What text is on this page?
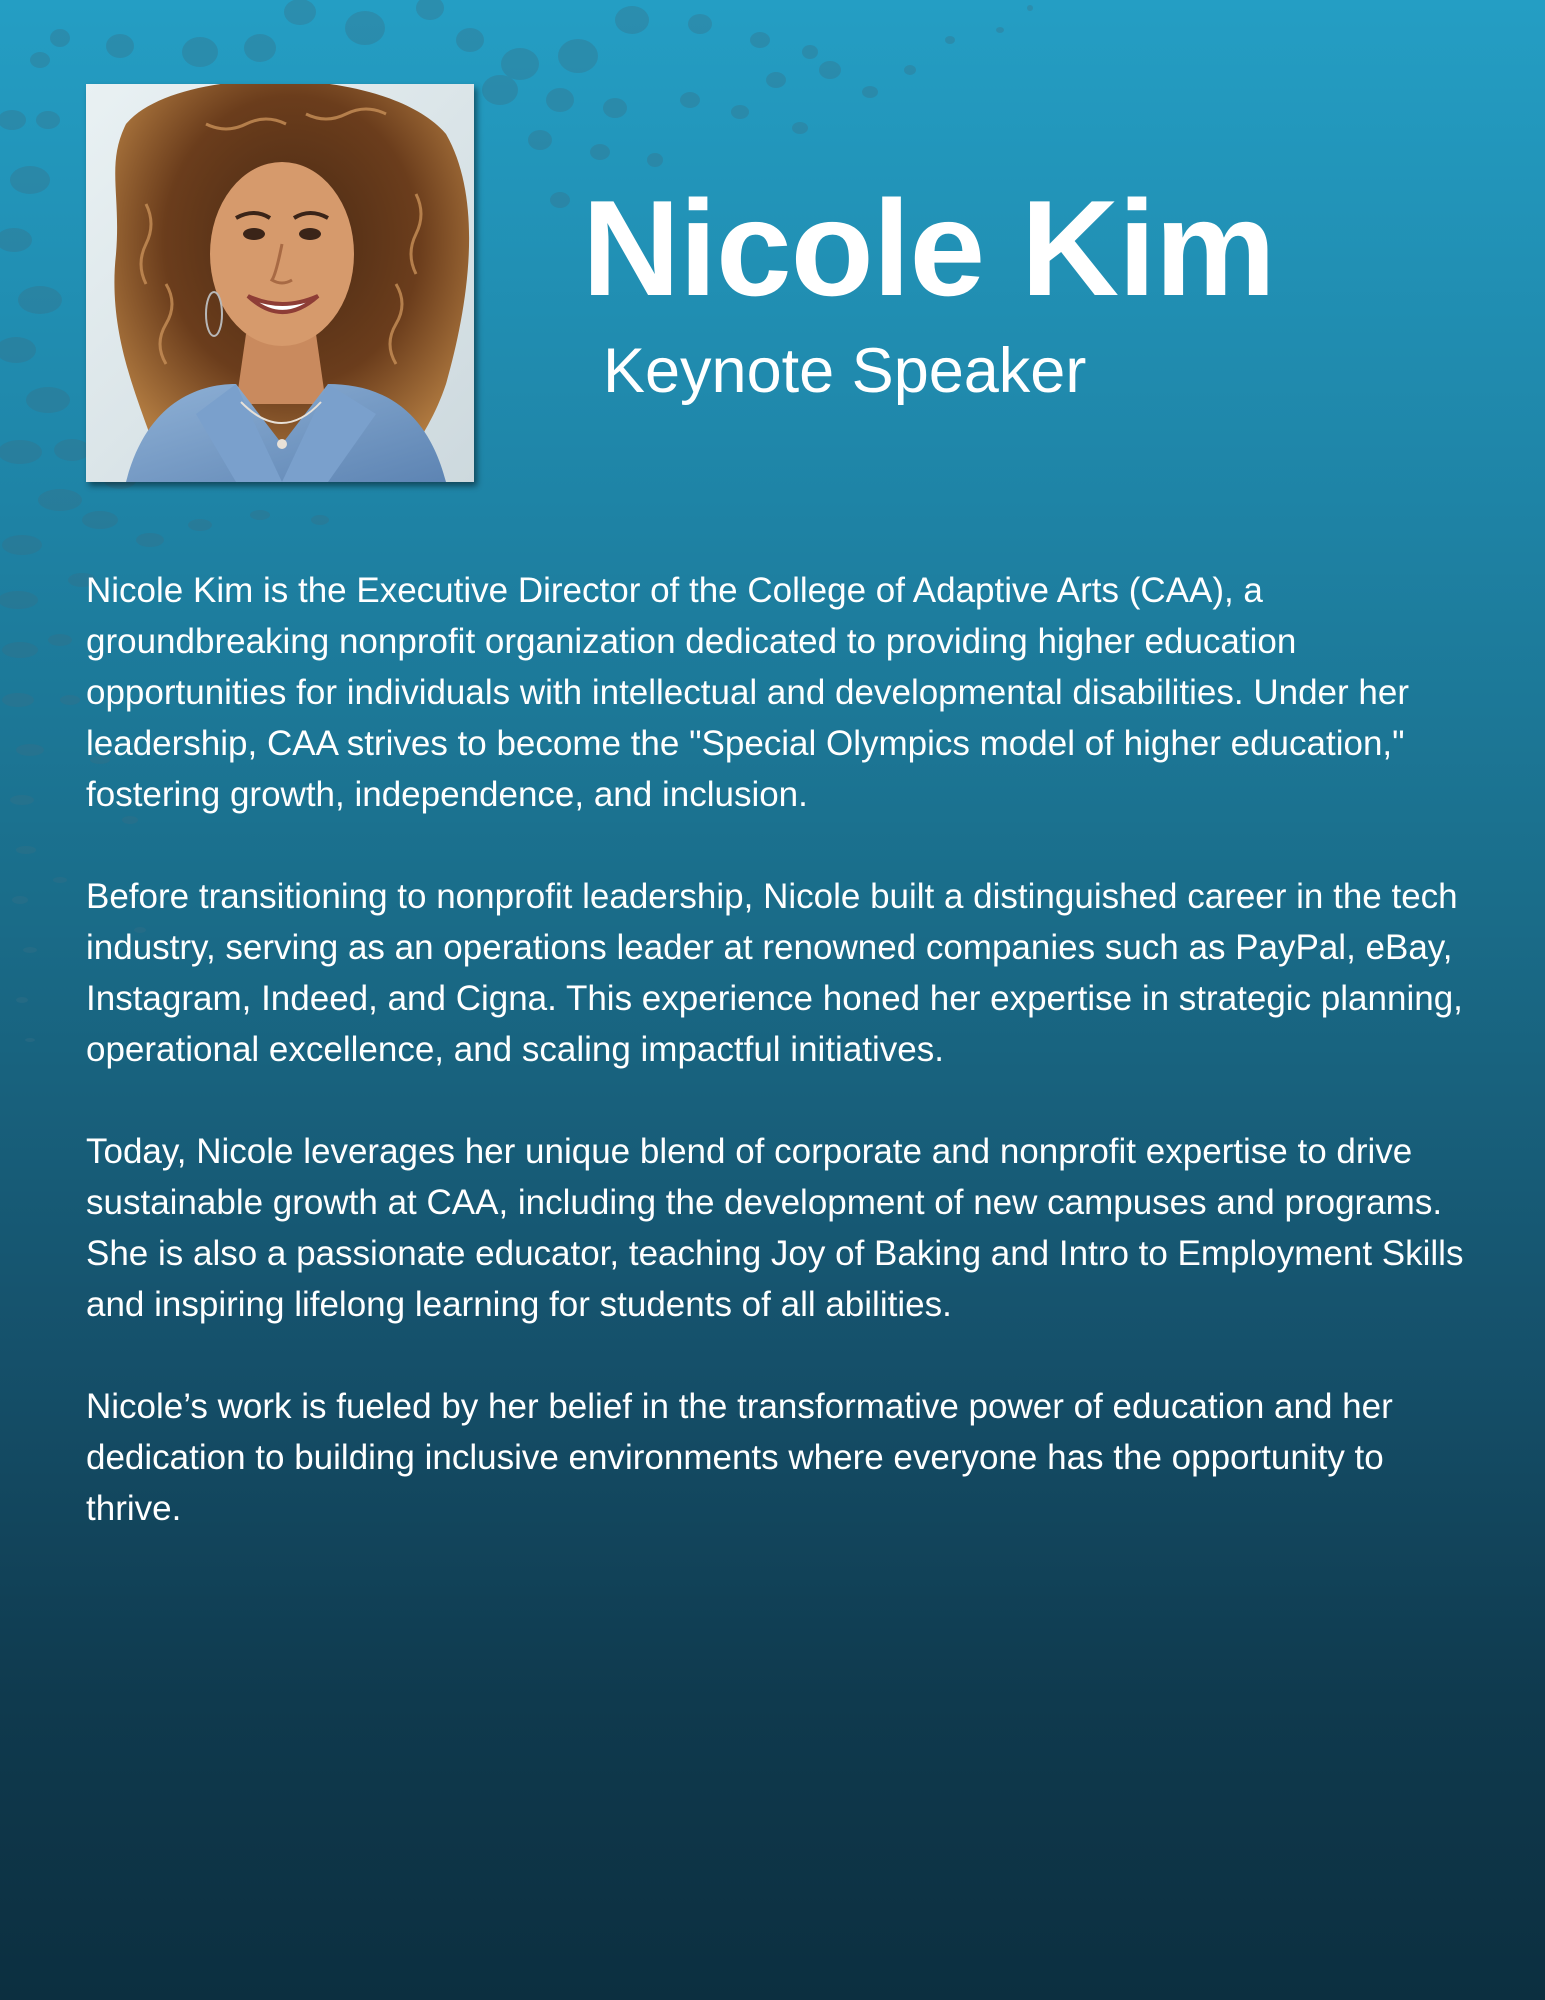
Nicole Kim
Keynote Speaker

Nicole Kim is the Executive Director of the College of Adaptive Arts (CAA), a groundbreaking nonprofit organization dedicated to providing higher education opportunities for individuals with intellectual and developmental disabilities. Under her leadership, CAA strives to become the "Special Olympics model of higher education," fostering growth, independence, and inclusion.

Before transitioning to nonprofit leadership, Nicole built a distinguished career in the tech industry, serving as an operations leader at renowned companies such as PayPal, eBay, Instagram, Indeed, and Cigna. This experience honed her expertise in strategic planning, operational excellence, and scaling impactful initiatives.

Today, Nicole leverages her unique blend of corporate and nonprofit expertise to drive sustainable growth at CAA, including the development of new campuses and programs. She is also a passionate educator, teaching Joy of Baking and Intro to Employment Skills and inspiring lifelong learning for students of all abilities.

Nicole’s work is fueled by her belief in the transformative power of education and her dedication to building inclusive environments where everyone has the opportunity to thrive.
